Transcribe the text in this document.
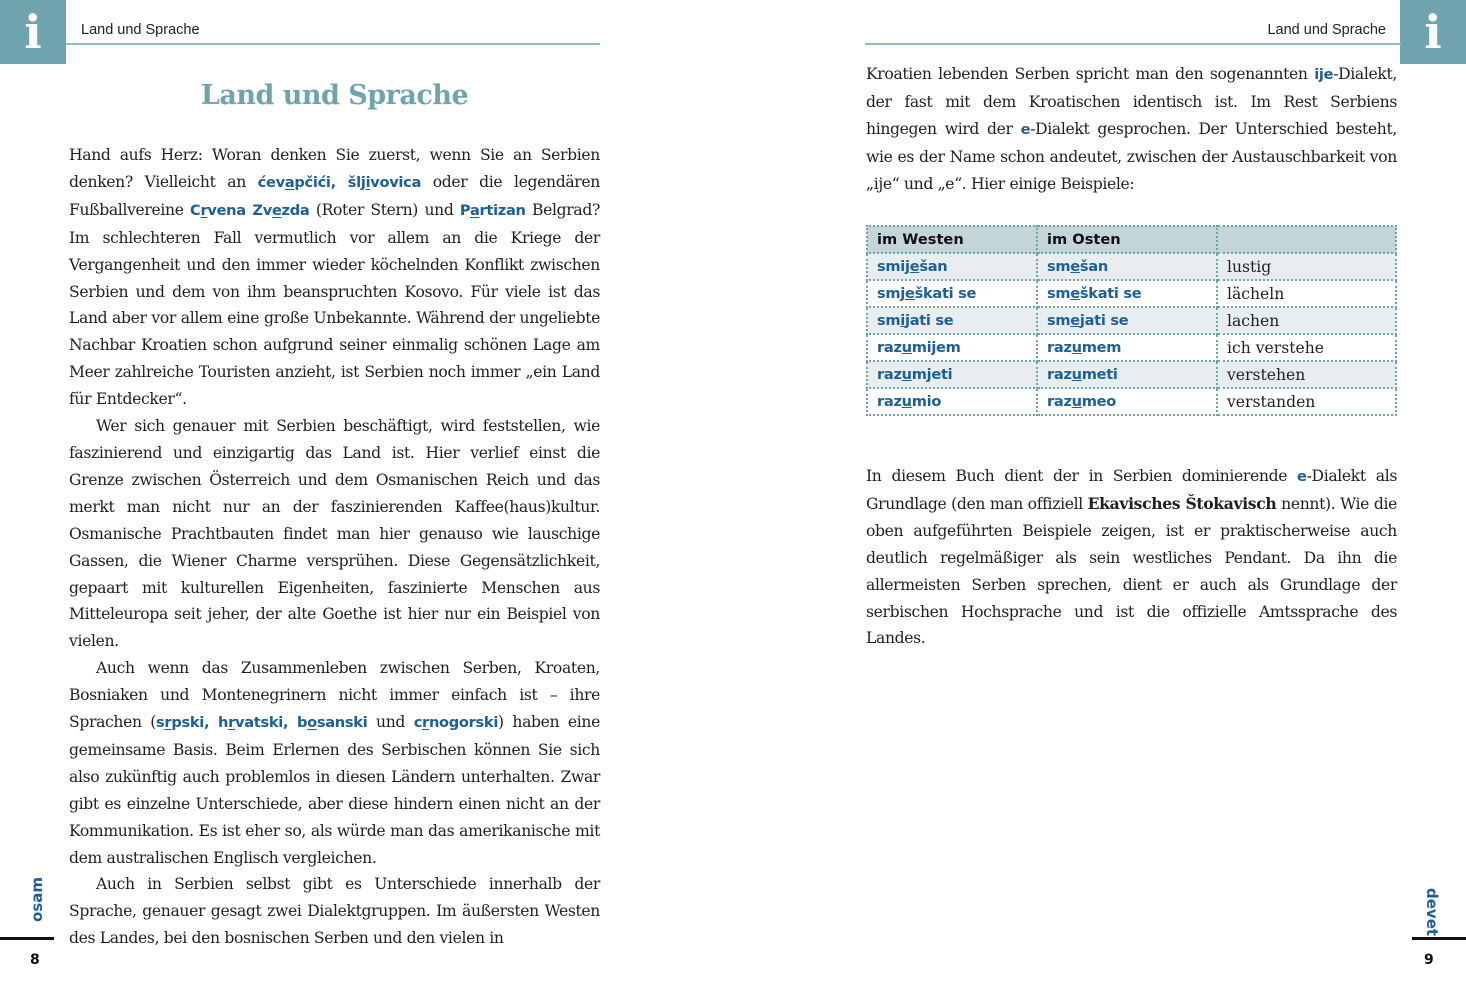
i	Land und Sprache
Land und Sprache

Hand aufs Herz: Woran denken Sie zuerst, wenn Sie an Serbien denken? Vielleicht an ćevapčići, šljivovica oder die legendären Fußballvereine Crvena Zvezda (Roter Stern) und Partizan Belgrad? Im schlechteren Fall vermutlich vor allem an die Kriege der Vergangenheit und den immer wieder köchelnden Konflikt zwischen Serbien und dem von ihm beanspruchten Kosovo. Für viele ist das Land aber vor allem eine große Unbekannte. Während der ungeliebte Nachbar Kroatien schon aufgrund seiner einmalig schönen Lage am Meer zahlreiche Touristen anzieht, ist Serbien noch immer „ein Land für Entdecker“.

Wer sich genauer mit Serbien beschäftigt, wird feststellen, wie faszinierend und einzigartig das Land ist. Hier verlief einst die Grenze zwischen Österreich und dem Osmanischen Reich und das merkt man nicht nur an der faszinierenden Kaffee(haus)kultur. Osmanische Prachtbauten findet man hier genauso wie lauschige Gassen, die Wiener Charme versprühen. Diese Gegensätzlichkeit, gepaart mit kulturellen Eigenheiten, faszinierte Menschen aus Mitteleuropa seit jeher, der alte Goethe ist hier nur ein Beispiel von vielen.

Auch wenn das Zusammenleben zwischen Serben, Kroaten, Bosniaken und Montenegrinern nicht immer einfach ist – ihre Sprachen (srpski, hrvatski, bosanski und crnogorski) haben eine gemeinsame Basis. Beim Erlernen des Serbischen können Sie sich also zukünftig auch problemlos in diesen Ländern unterhalten. Zwar gibt es einzelne Unterschiede, aber diese hindern einen nicht an der Kommunikation. Es ist eher so, als würde man das amerikanische mit dem australischen Englisch vergleichen.

Auch in Serbien selbst gibt es Unterschiede innerhalb der Sprache, genauer gesagt zwei Dialektgruppen. Im äußersten Westen des Landes, bei den bosnischen Serben und den vielen in

osam
8
i
Land und Sprache

Kroatien lebenden Serben spricht man den sogenannten ije-Dialekt, der fast mit dem Kroatischen identisch ist. Im Rest Serbiens hingegen wird der e-Dialekt gesprochen. Der Unterschied besteht, wie es der Name schon andeutet, zwischen der Austauschbarkeit von „ije“ und „e“. Hier einige Beispiele:

im Westen	im Osten	
smiješan	smešan	lustig
smješkati se	smeškati se	lächeln
smijati se	smejati se	lachen
razumijem	razumem	ich verstehe
razumjeti	razumeti	verstehen
razumio	razumeo	verstanden

In diesem Buch dient der in Serbien dominierende e-Dialekt als Grundlage (den man offiziell Ekavisches Štokavisch nennt). Wie die oben aufgeführten Beispiele zeigen, ist er praktischerweise auch deutlich regelmäßiger als sein westliches Pendant. Da ihn die allermeisten Serben sprechen, dient er auch als Grundlage der serbischen Hochsprache und ist die offizielle Amtssprache des Landes.

devet
9
